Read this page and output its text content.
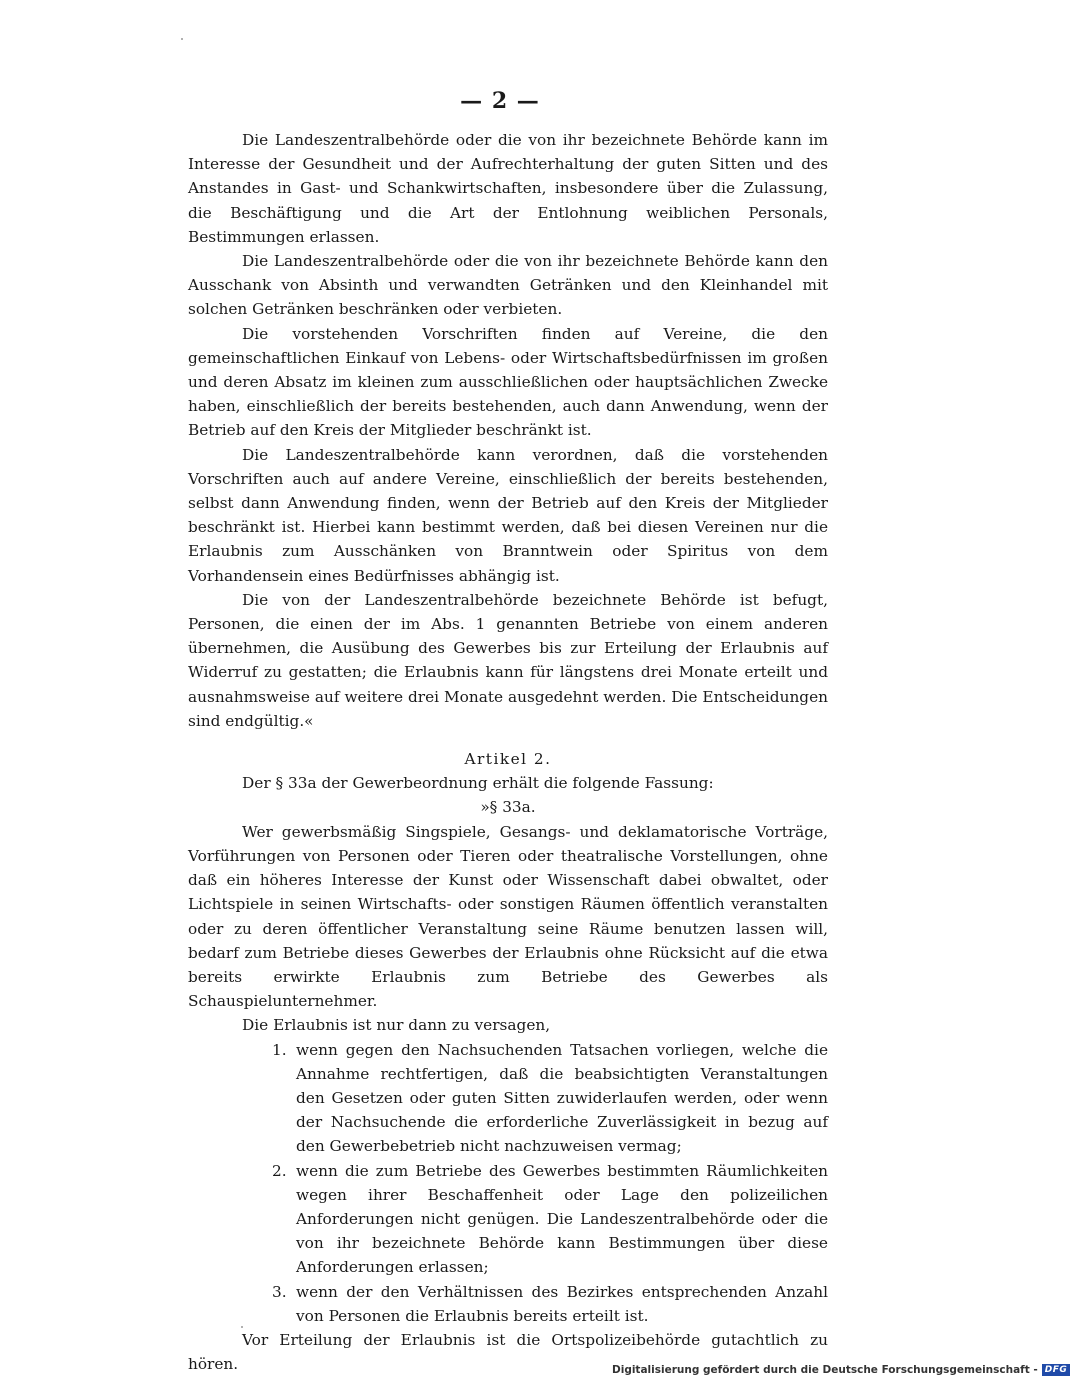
— 2 —

Die Landeszentralbehörde oder die von ihr bezeichnete Behörde kann im Interesse der Gesundheit und der Aufrechterhaltung der guten Sitten und des Anstandes in Gast- und Schankwirtschaften, insbesondere über die Zulassung, die Beschäftigung und die Art der Entlohnung weiblichen Personals, Bestimmungen erlassen.

Die Landeszentralbehörde oder die von ihr bezeichnete Behörde kann den Ausschank von Absinth und verwandten Getränken und den Kleinhandel mit solchen Getränken beschränken oder verbieten.

Die vorstehenden Vorschriften finden auf Vereine, die den gemeinschaftlichen Einkauf von Lebens- oder Wirtschaftsbedürfnissen im großen und deren Absatz im kleinen zum ausschließlichen oder hauptsächlichen Zwecke haben, einschließlich der bereits bestehenden, auch dann Anwendung, wenn der Betrieb auf den Kreis der Mitglieder beschränkt ist.

Die Landeszentralbehörde kann verordnen, daß die vorstehenden Vorschriften auch auf andere Vereine, einschließlich der bereits bestehenden, selbst dann Anwendung finden, wenn der Betrieb auf den Kreis der Mitglieder beschränkt ist. Hierbei kann bestimmt werden, daß bei diesen Vereinen nur die Erlaubnis zum Ausschänken von Branntwein oder Spiritus von dem Vorhandensein eines Bedürfnisses abhängig ist.

Die von der Landeszentralbehörde bezeichnete Behörde ist befugt, Personen, die einen der im Abs. 1 genannten Betriebe von einem anderen übernehmen, die Ausübung des Gewerbes bis zur Erteilung der Erlaubnis auf Widerruf zu gestatten; die Erlaubnis kann für längstens drei Monate erteilt und ausnahmsweise auf weitere drei Monate ausgedehnt werden. Die Entscheidungen sind endgültig.«

Artikel 2.

Der § 33a der Gewerbeordnung erhält die folgende Fassung:

»§ 33a.

Wer gewerbsmäßig Singspiele, Gesangs- und deklamatorische Vorträge, Vorführungen von Personen oder Tieren oder theatralische Vorstellungen, ohne daß ein höheres Interesse der Kunst oder Wissenschaft dabei obwaltet, oder Lichtspiele in seinen Wirtschafts- oder sonstigen Räumen öffentlich veranstalten oder zu deren öffentlicher Veranstaltung seine Räume benutzen lassen will, bedarf zum Betriebe dieses Gewerbes der Erlaubnis ohne Rücksicht auf die etwa bereits erwirkte Erlaubnis zum Betriebe des Gewerbes als Schauspielunternehmer.

Die Erlaubnis ist nur dann zu versagen,

1. wenn gegen den Nachsuchenden Tatsachen vorliegen, welche die Annahme rechtfertigen, daß die beabsichtigten Veranstaltungen den Gesetzen oder guten Sitten zuwiderlaufen werden, oder wenn der Nachsuchende die erforderliche Zuverlässigkeit in bezug auf den Gewerbebetrieb nicht nachzuweisen vermag;
2. wenn die zum Betriebe des Gewerbes bestimmten Räumlichkeiten wegen ihrer Beschaffenheit oder Lage den polizeilichen Anforderungen nicht genügen. Die Landeszentralbehörde oder die von ihr bezeichnete Behörde kann Bestimmungen über diese Anforderungen erlassen;
3. wenn der den Verhältnissen des Bezirkes entsprechenden Anzahl von Personen die Erlaubnis bereits erteilt ist.

Vor Erteilung der Erlaubnis ist die Ortspolizeibehörde gutachtlich zu hören.	Digitalisierung gefördert durch die Deutsche Forschungsgemeinschaft - DFG
